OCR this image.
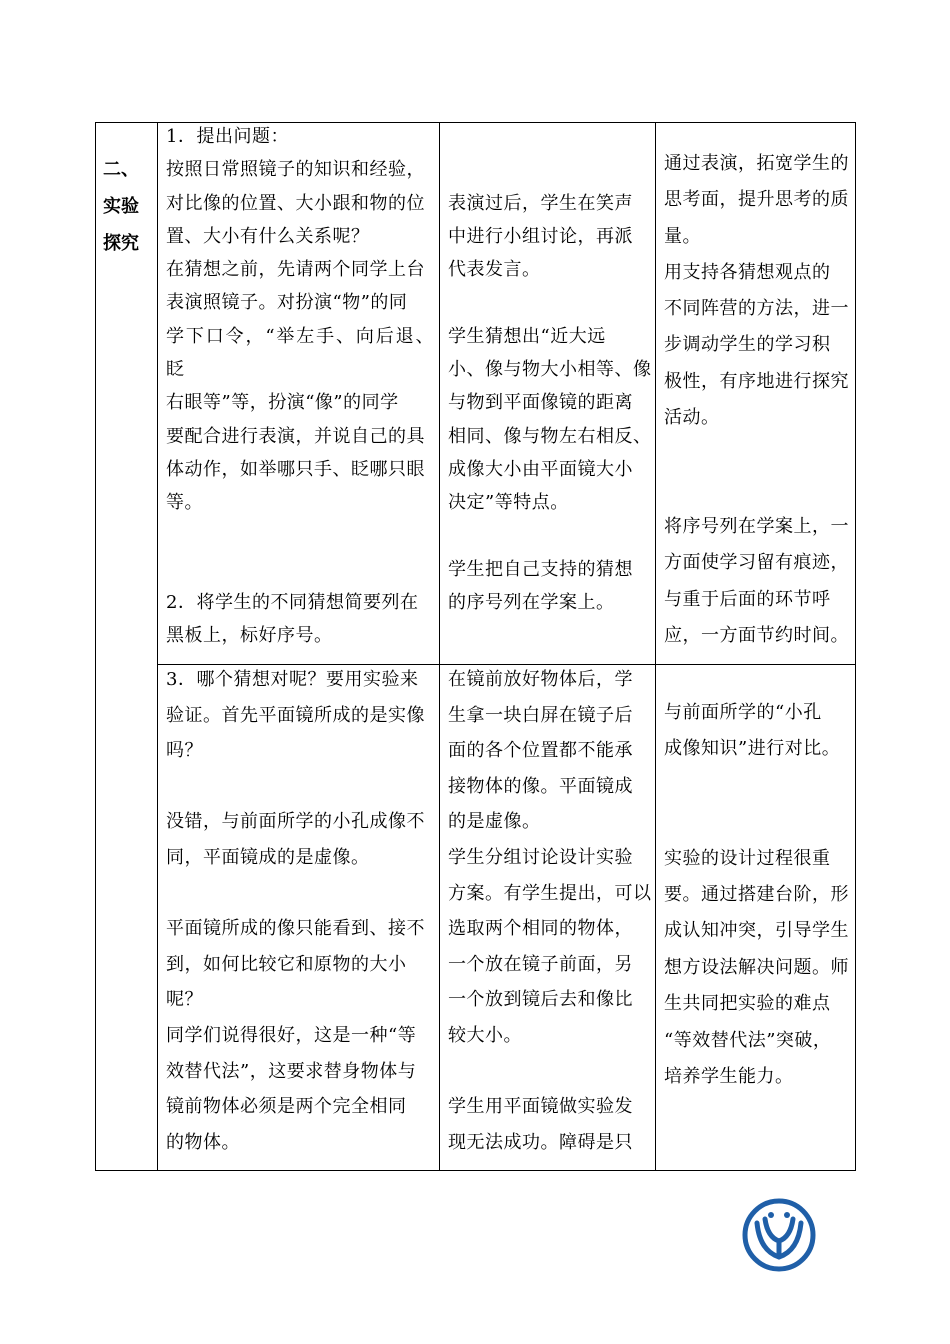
二、
实验
探究

1．提出问题：

按照日常照镜子的知识和经验，

对比像的位置、大小跟和物的位

置、大小有什么关系呢？

在猜想之前，先请两个同学上台

表演照镜子。对扮演“物”的同

学下口令，“举左手、向后退、眨

右眼等”等，扮演“像”的同学

要配合进行表演，并说自己的具

体动作，如举哪只手、眨哪只眼

等。

2．将学生的不同猜想简要列在

黑板上，标好序号。

表演过后，学生在笑声

中进行小组讨论，再派

代表发言。

学生猜想出“近大远

小、像与物大小相等、像

与物到平面像镜的距离

相同、像与物左右相反、

成像大小由平面镜大小

决定”等特点。

学生把自己支持的猜想

的序号列在学案上。

通过表演，拓宽学生的

思考面，提升思考的质

量。

用支持各猜想观点的

不同阵营的方法，进一

步调动学生的学习积

极性，有序地进行探究

活动。

将序号列在学案上，一

方面使学习留有痕迹，

与重于后面的环节呼

应，一方面节约时间。

3．哪个猜想对呢？要用实验来

验证。首先平面镜所成的是实像

吗？

没错，与前面所学的小孔成像不

同，平面镜成的是虚像。

平面镜所成的像只能看到、接不

到，如何比较它和原物的大小

呢？

同学们说得很好，这是一种“等

效替代法”，这要求替身物体与

镜前物体必须是两个完全相同

的物体。

在镜前放好物体后，学

生拿一块白屏在镜子后

面的各个位置都不能承

接物体的像。平面镜成

的是虚像。

学生分组讨论设计实验

方案。有学生提出，可以

选取两个相同的物体，

一个放在镜子前面，另

一个放到镜后去和像比

较大小。

学生用平面镜做实验发

现无法成功。障碍是只

与前面所学的“小孔

成像知识”进行对比。

实验的设计过程很重

要。通过搭建台阶，形

成认知冲突，引导学生

想方设法解决问题。师

生共同把实验的难点

“等效替代法”突破，

培养学生能力。
